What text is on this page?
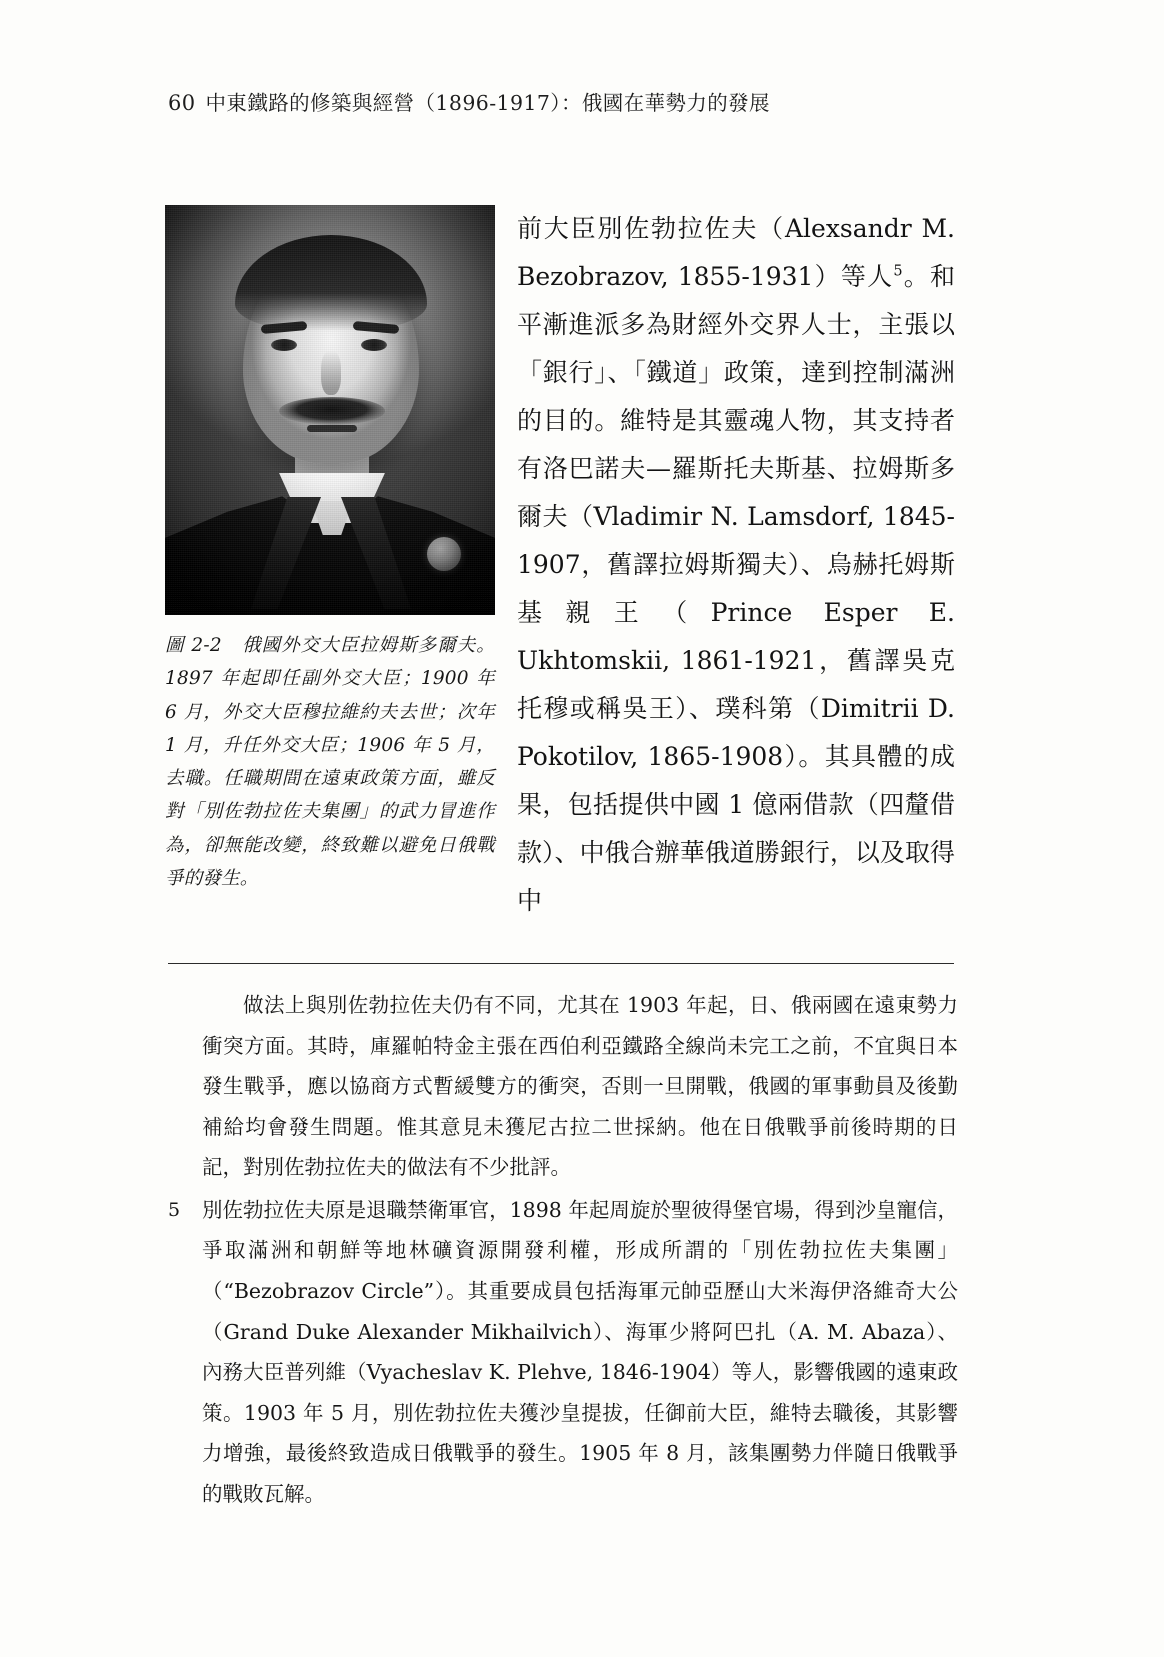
60 中東鐵路的修築與經營（1896-1917）：俄國在華勢力的發展
圖 2-2　俄國外交大臣拉姆斯多爾夫。1897 年起即任副外交大臣；1900 年 6 月，外交大臣穆拉維約夫去世；次年 1 月，升任外交大臣；1906 年 5 月，去職。任職期間在遠東政策方面，雖反對「別佐勃拉佐夫集團」的武力冒進作為，卻無能改變，終致難以避免日俄戰爭的發生。
前大臣別佐勃拉佐夫（Alexsandr M. Bezobrazov, 1855-1931）等人$^5$。和平漸進派多為財經外交界人士，主張以「銀行」、「鐵道」政策，達到控制滿洲的目的。維特是其靈魂人物，其支持者有洛巴諾夫—羅斯托夫斯基、拉姆斯多爾夫（Vladimir N. Lamsdorf, 1845-1907，舊譯拉姆斯獨夫）、烏赫托姆斯基親王（Prince Esper E. Ukhtomskii, 1861-1921，舊譯吳克托穆或稱吳王）、璞科第（Dimitrii D. Pokotilov, 1865-1908）。其具體的成果，包括提供中國 1 億兩借款（四釐借款）、中俄合辦華俄道勝銀行，以及取得中
做法上與別佐勃拉佐夫仍有不同，尤其在 1903 年起，日、俄兩國在遠東勢力衝突方面。其時，庫羅帕特金主張在西伯利亞鐵路全線尚未完工之前，不宜與日本發生戰爭，應以協商方式暫緩雙方的衝突，否則一旦開戰，俄國的軍事動員及後勤補給均會發生問題。惟其意見未獲尼古拉二世採納。他在日俄戰爭前後時期的日記，對別佐勃拉佐夫的做法有不少批評。
5	別佐勃拉佐夫原是退職禁衛軍官，1898 年起周旋於聖彼得堡官場，得到沙皇寵信，爭取滿洲和朝鮮等地林礦資源開發利權，形成所謂的「別佐勃拉佐夫集團」（“Bezobrazov Circle”）。其重要成員包括海軍元帥亞歷山大米海伊洛維奇大公（Grand Duke Alexander Mikhailvich）、海軍少將阿巴扎（A. M. Abaza）、內務大臣普列維（Vyacheslav K. Plehve, 1846-1904）等人，影響俄國的遠東政策。1903 年 5 月，別佐勃拉佐夫獲沙皇提拔，任御前大臣，維特去職後，其影響力增強，最後終致造成日俄戰爭的發生。1905 年 8 月，該集團勢力伴隨日俄戰爭的戰敗瓦解。
